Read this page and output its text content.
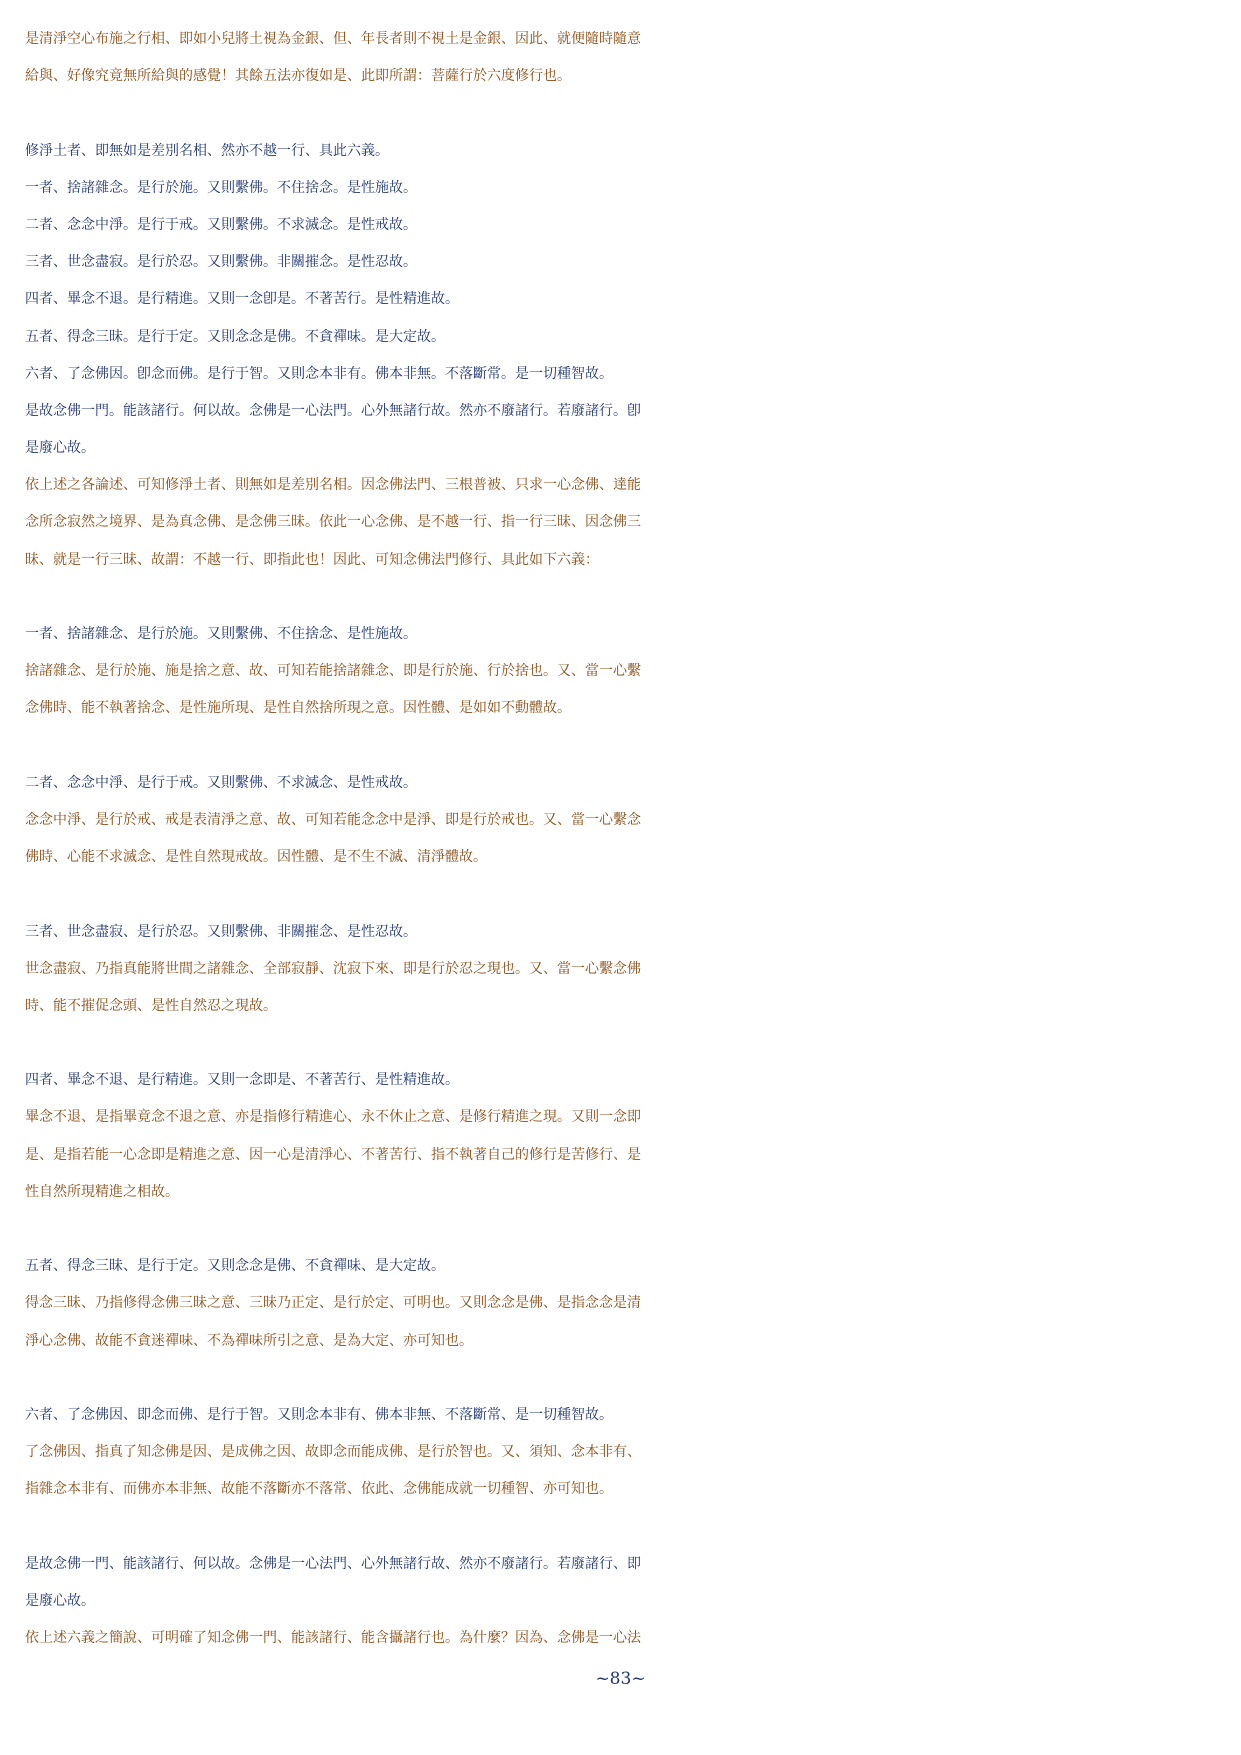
是清淨空心布施之行相、即如小兒將土視為金銀、但、年長者則不視土是金銀、因此、就便隨時隨意
給與、好像究竟無所給與的感覺！其餘五法亦復如是、此即所謂：菩薩行於六度修行也。
修淨土者、即無如是差別名相、然亦不越一行、具此六義。
一者、捨諸雜念。是行於施。又則繫佛。不住捨念。是性施故。
二者、念念中淨。是行于戒。又則繫佛。不求滅念。是性戒故。
三者、世念盡寂。是行於忍。又則繫佛。非關摧念。是性忍故。
四者、畢念不退。是行精進。又則一念卽是。不著苦行。是性精進故。
五者、得念三昧。是行于定。又則念念是佛。不貪禪味。是大定故。
六者、了念佛因。卽念而佛。是行于智。又則念本非有。佛本非無。不落斷常。是一切種智故。
是故念佛一門。能該諸行。何以故。念佛是一心法門。心外無諸行故。然亦不廢諸行。若廢諸行。卽
是廢心故。
依上述之各論述、可知修淨土者、則無如是差別名相。因念佛法門、三根普被、只求一心念佛、達能
念所念寂然之境界、是為真念佛、是念佛三昧。依此一心念佛、是不越一行、指一行三昧、因念佛三
昧、就是一行三昧、故謂：不越一行、即指此也！因此、可知念佛法門修行、具此如下六義：
一者、捨諸雜念、是行於施。又則繫佛、不住捨念、是性施故。
捨諸雜念、是行於施、施是捨之意、故、可知若能捨諸雜念、即是行於施、行於捨也。又、當一心繫
念佛時、能不執著捨念、是性施所現、是性自然捨所現之意。因性體、是如如不動體故。
二者、念念中淨、是行于戒。又則繫佛、不求滅念、是性戒故。
念念中淨、是行於戒、戒是表清淨之意、故、可知若能念念中是淨、即是行於戒也。又、當一心繫念
佛時、心能不求滅念、是性自然現戒故。因性體、是不生不滅、清淨體故。
三者、世念盡寂、是行於忍。又則繫佛、非關摧念、是性忍故。
世念盡寂、乃指真能將世間之諸雜念、全部寂靜、沈寂下來、即是行於忍之現也。又、當一心繫念佛
時、能不摧促念頭、是性自然忍之現故。
四者、畢念不退、是行精進。又則一念即是、不著苦行、是性精進故。
畢念不退、是指畢竟念不退之意、亦是指修行精進心、永不休止之意、是修行精進之現。又則一念即
是、是指若能一心念即是精進之意、因一心是清淨心、不著苦行、指不執著自己的修行是苦修行、是
性自然所現精進之相故。
五者、得念三昧、是行于定。又則念念是佛、不貪禪味、是大定故。
得念三昧、乃指修得念佛三昧之意、三昧乃正定、是行於定、可明也。又則念念是佛、是指念念是清
淨心念佛、故能不貪迷禪味、不為禪味所引之意、是為大定、亦可知也。
六者、了念佛因、即念而佛、是行于智。又則念本非有、佛本非無、不落斷常、是一切種智故。
了念佛因、指真了知念佛是因、是成佛之因、故即念而能成佛、是行於智也。又、須知、念本非有、
指雜念本非有、而佛亦本非無、故能不落斷亦不落常、依此、念佛能成就一切種智、亦可知也。
是故念佛一門、能該諸行、何以故。念佛是一心法門、心外無諸行故、然亦不廢諸行。若廢諸行、即
是廢心故。
依上述六義之簡說、可明確了知念佛一門、能該諸行、能含攝諸行也。為什麼？因為、念佛是一心法
~83~
